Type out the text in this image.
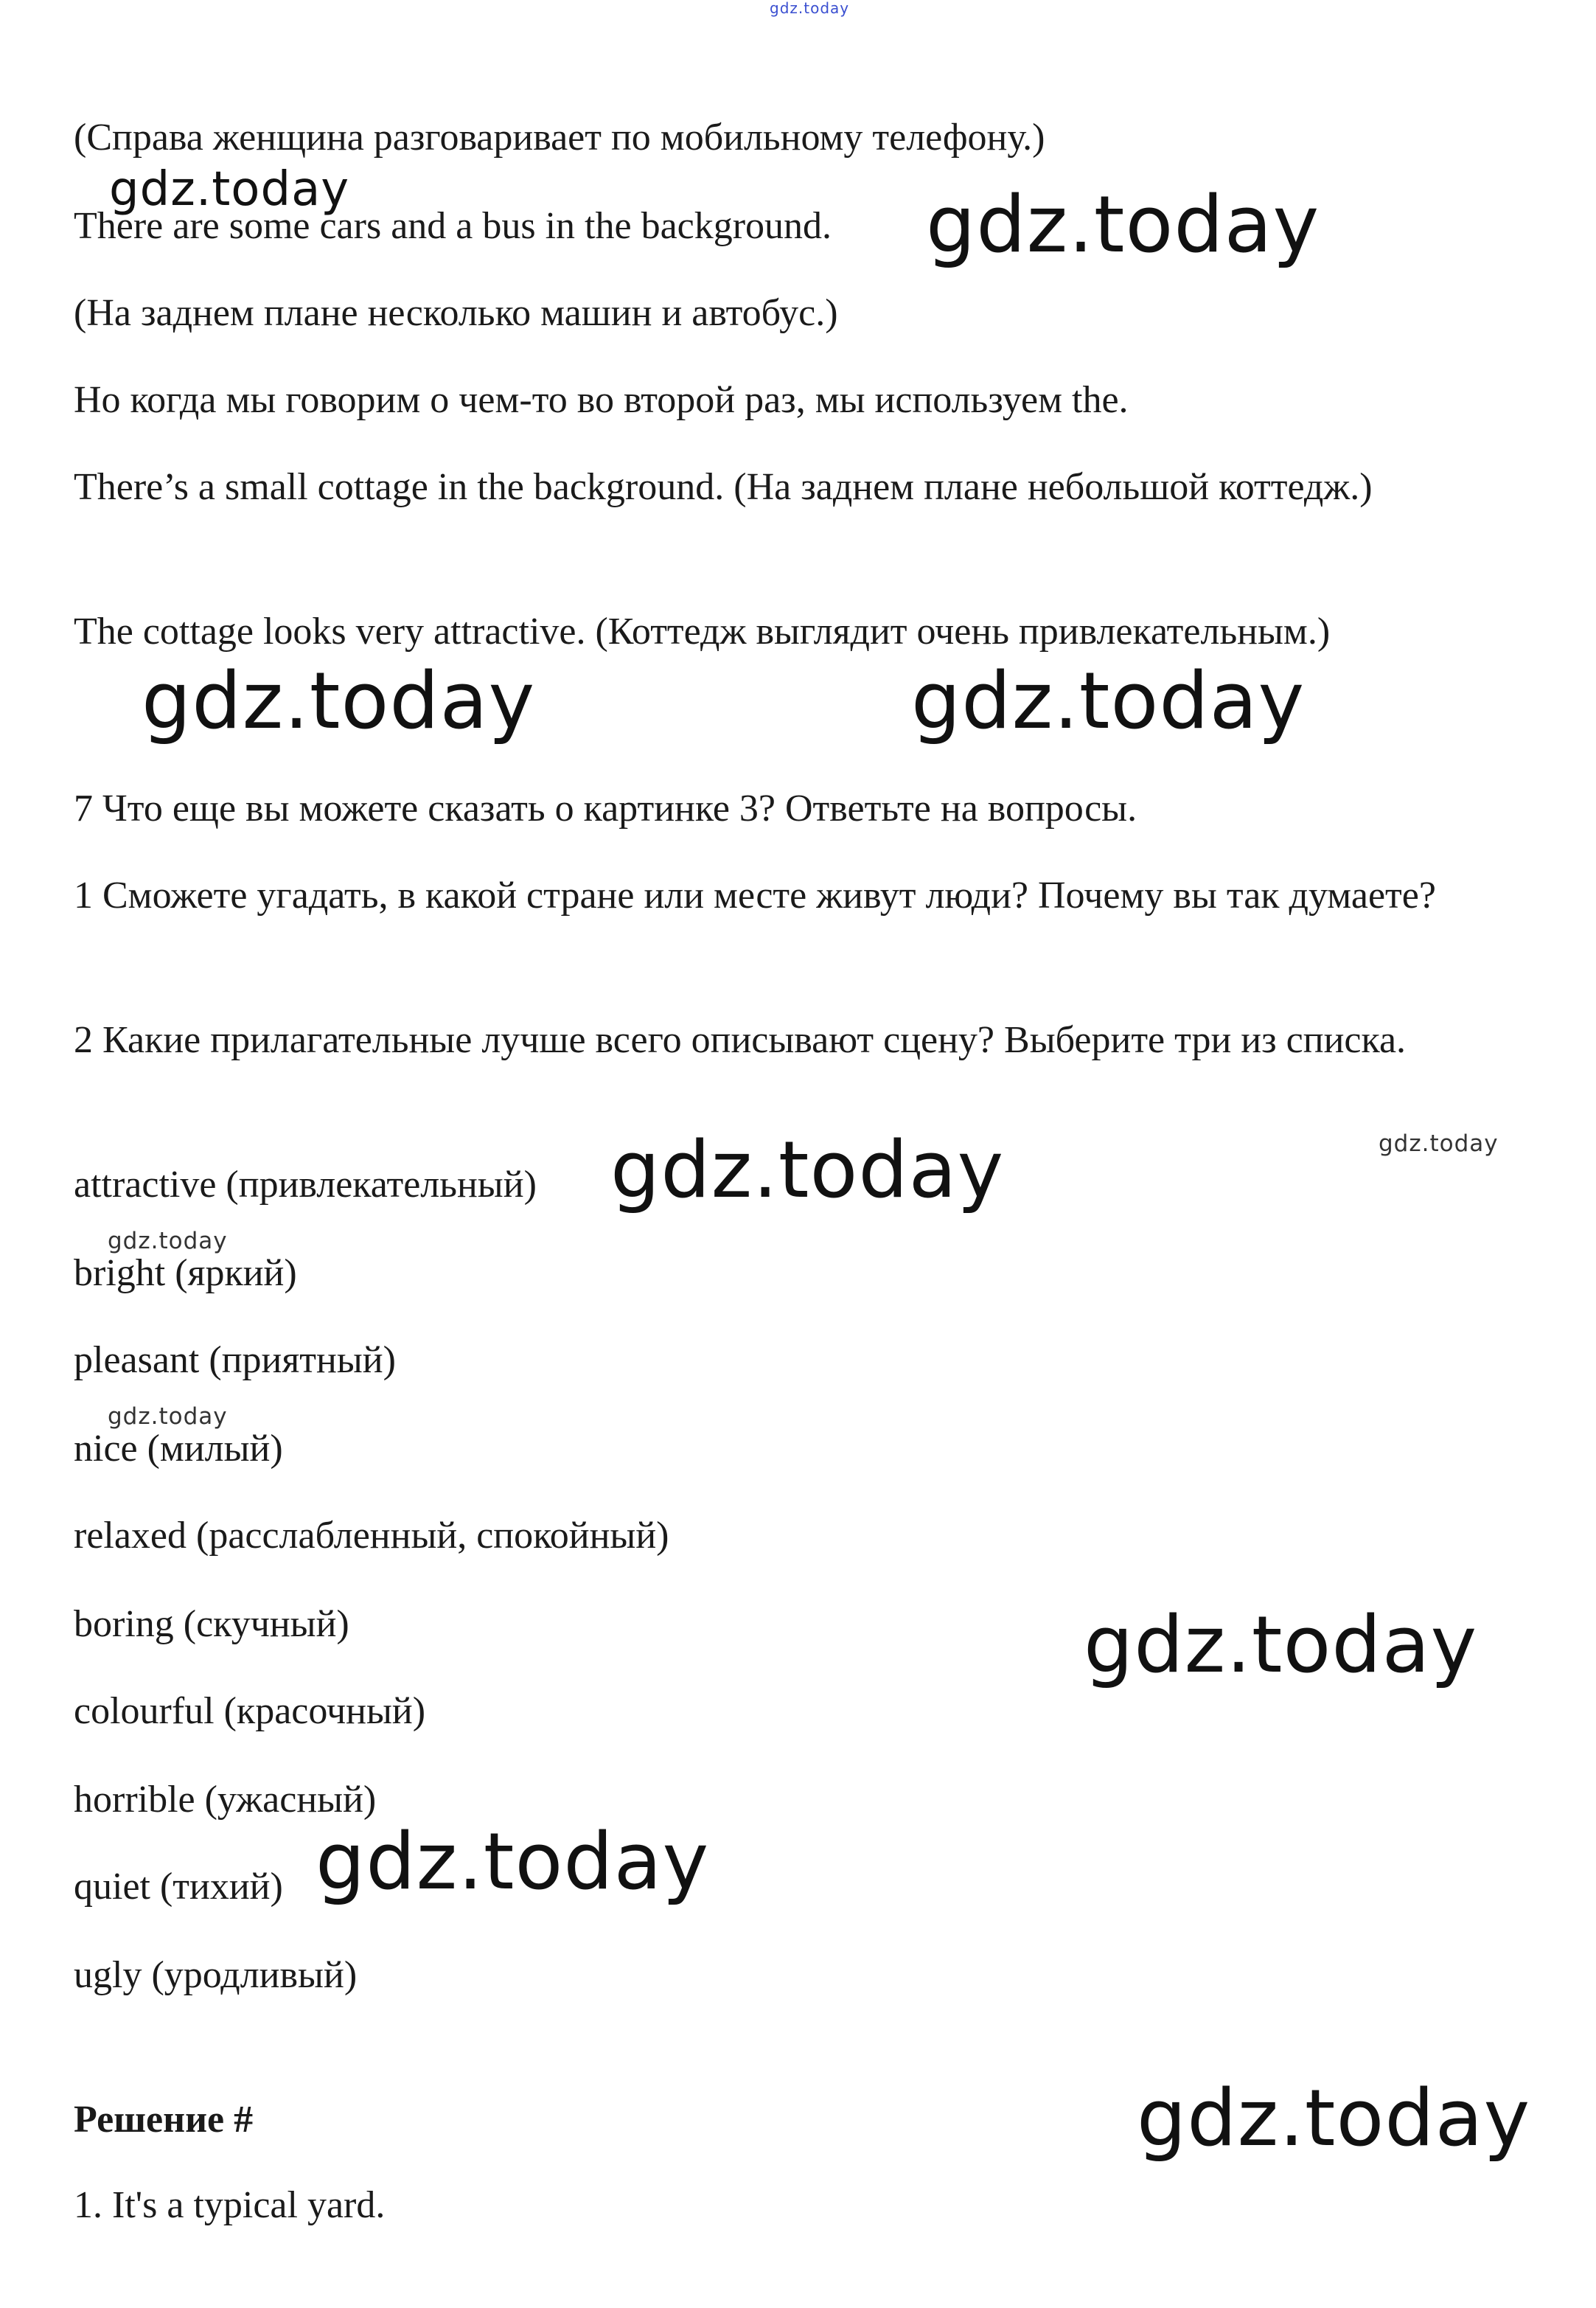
gdz.today
(Справа женщина разговаривает по мобильному телефону.)
gdz.today
There are some cars and a bus in the background.	gdz.today
(На заднем плане несколько машин и автобус.)
Но когда мы говорим о чем-то во второй раз, мы используем the.
There’s a small cottage in the background. (На заднем плане небольшой коттедж.)
The cottage looks very attractive. (Коттедж выглядит очень привлекательным.)
gdz.today	gdz.today
7 Что еще вы можете сказать о картинке 3? Ответьте на вопросы.
1 Сможете угадать, в какой стране или месте живут люди? Почему вы так думаете?
2 Какие прилагательные лучше всего описывают сцену? Выберите три из списка.
gdz.today
attractive (привлекательный) gdz.today
gdz.today
bright (яркий)
pleasant (приятный)
gdz.today
nice (милый)
relaxed (расслабленный, спокойный)
boring (скучный)	gdz.today
colourful (красочный)
horrible (ужасный)
quiet (тихий) gdz.today
ugly (уродливый)
Решение #	gdz.today
1. It's a typical yard.
